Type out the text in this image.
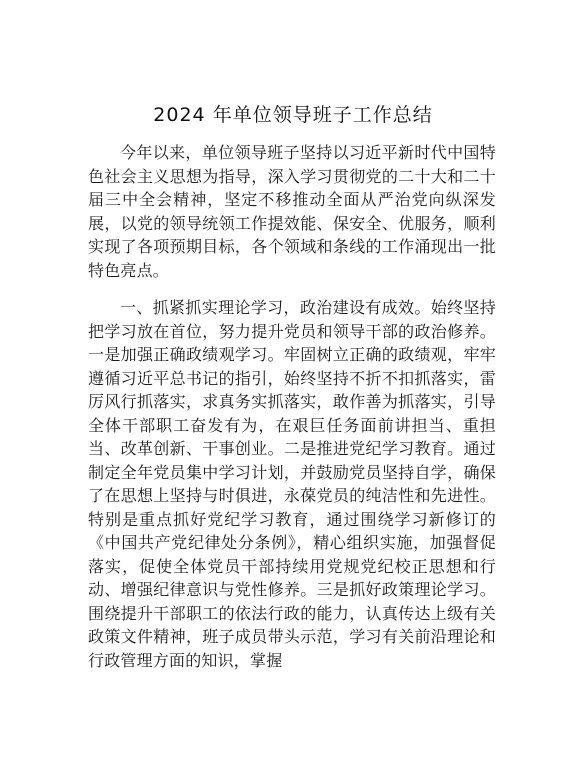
2024 年单位领导班子工作总结

今年以来，单位领导班子坚持以习近平新时代中国特色社会主义思想为指导，深入学习贯彻党的二十大和二十届三中全会精神，坚定不移推动全面从严治党向纵深发展，以党的领导统领工作提效能、保安全、优服务，顺利实现了各项预期目标，各个领域和条线的工作涌现出一批特色亮点。

一、抓紧抓实理论学习，政治建设有成效。始终坚持把学习放在首位，努力提升党员和领导干部的政治修养。一是加强正确政绩观学习。牢固树立正确的政绩观，牢牢遵循习近平总书记的指引，始终坚持不折不扣抓落实，雷厉风行抓落实，求真务实抓落实，敢作善为抓落实，引导全体干部职工奋发有为，在艰巨任务面前讲担当、重担当、改革创新、干事创业。二是推进党纪学习教育。通过制定全年党员集中学习计划，并鼓励党员坚持自学，确保了在思想上坚持与时俱进，永葆党员的纯洁性和先进性。特别是重点抓好党纪学习教育，通过围绕学习新修订的《中国共产党纪律处分条例》，精心组织实施，加强督促落实，促使全体党员干部持续用党规党纪校正思想和行动、增强纪律意识与党性修养。三是抓好政策理论学习。围绕提升干部职工的依法行政的能力，认真传达上级有关政策文件精神，班子成员带头示范，学习有关前沿理论和行政管理方面的知识，掌握
